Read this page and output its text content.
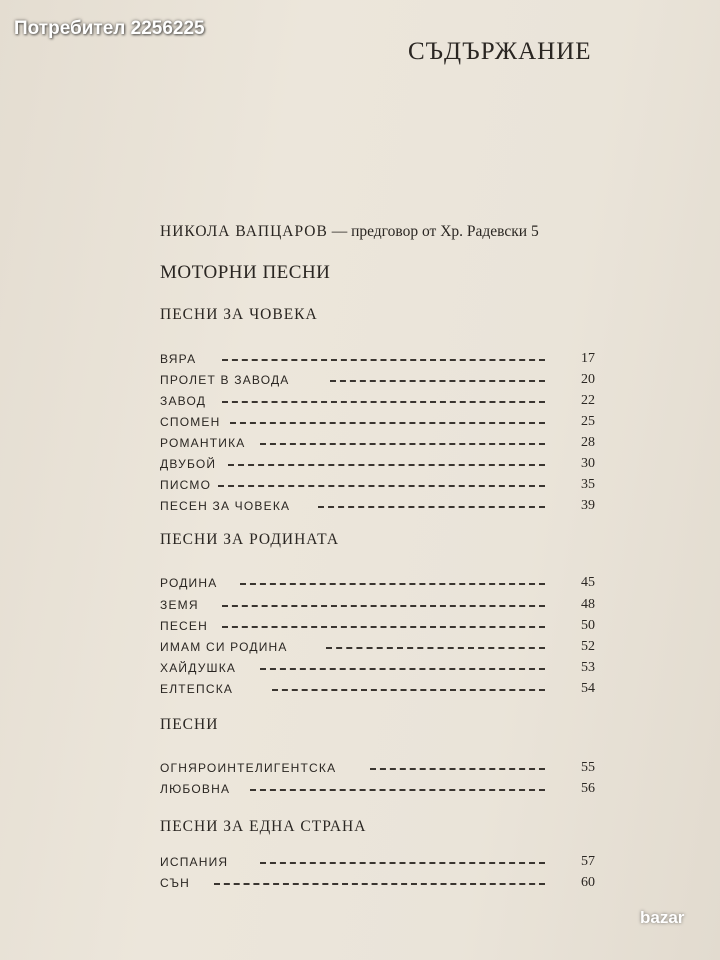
Потребител 2256225
СЪДЪРЖАНИЕ
НИКОЛА ВАПЦАРОВ — предговор от Хр. Радевски 5
МОТОРНИ ПЕСНИ
ПЕСНИ ЗА ЧОВЕКА
ВЯРА	17
ПРОЛЕТ В ЗАВОДА	20
ЗАВОД	22
СПОМЕН	25
РОМАНТИКА	28
ДВУБОЙ	30
ПИСМО	35
ПЕСЕН ЗА ЧОВЕКА	39
ПЕСНИ ЗА РОДИНАТА
РОДИНА	45
ЗЕМЯ	48
ПЕСЕН	50
ИМАМ СИ РОДИНА	52
ХАЙДУШКА	53
ЕЛТЕПСКА	54
ПЕСНИ
ОГНЯРОИНТЕЛИГЕНТСКА	55
ЛЮБОВНА	56
ПЕСНИ ЗА ЕДНА СТРАНА
ИСПАНИЯ	57
СЪН	60
bazar
